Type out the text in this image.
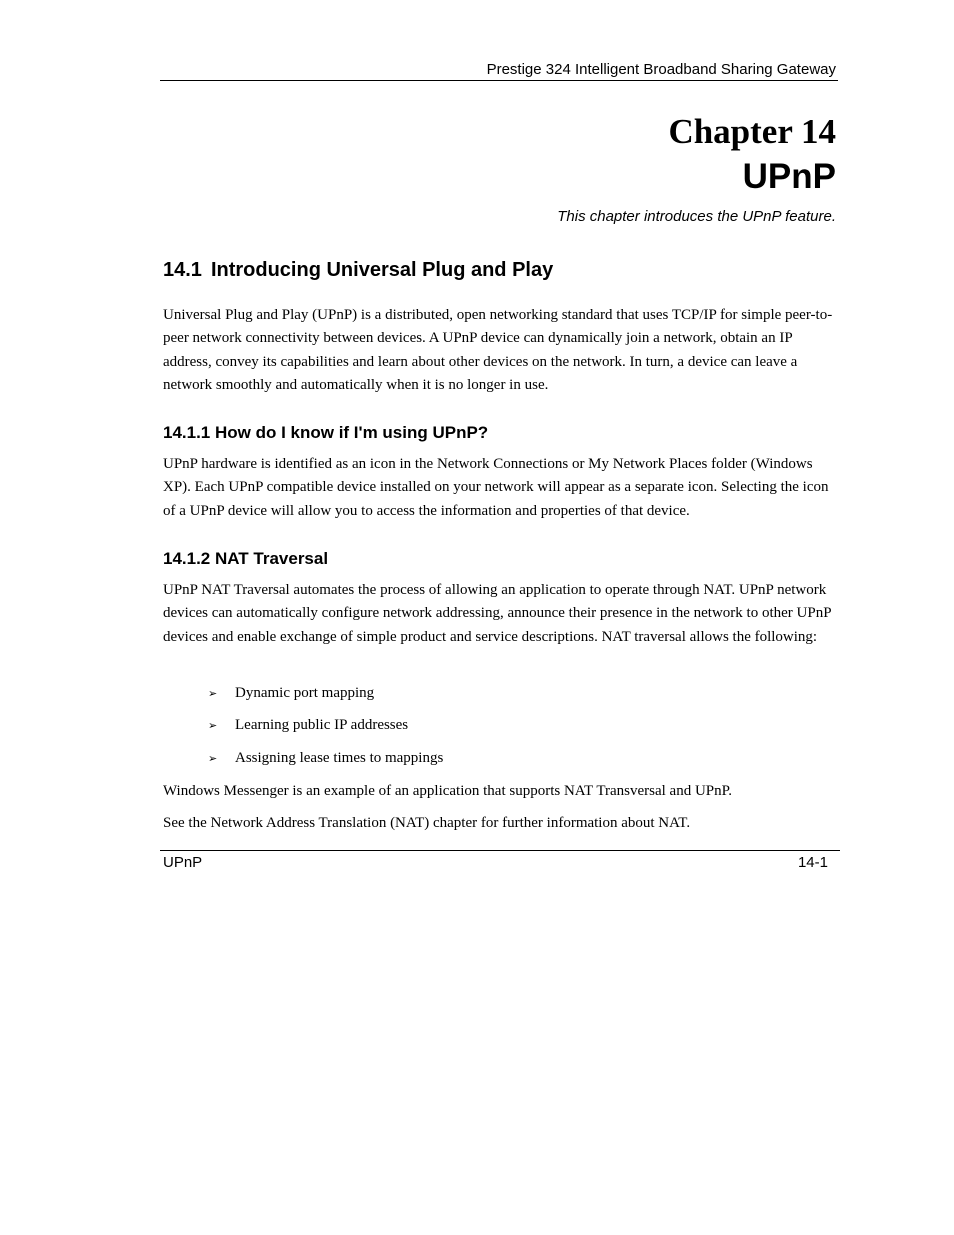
Prestige 324 Intelligent Broadband Sharing Gateway
Chapter 14
UPnP
This chapter introduces the UPnP feature.
14.1 Introducing Universal Plug and Play

Universal Plug and Play (UPnP) is a distributed, open networking standard that uses TCP/IP for simple peer-to-peer network connectivity between devices. A UPnP device can dynamically join a network, obtain an IP address, convey its capabilities and learn about other devices on the network. In turn, a device can leave a network smoothly and automatically when it is no longer in use.

14.1.1 How do I know if I'm using UPnP?

UPnP hardware is identified as an icon in the Network Connections or My Network Places folder (Windows XP). Each UPnP compatible device installed on your network will appear as a separate icon. Selecting the icon of a UPnP device will allow you to access the information and properties of that device.

14.1.2 NAT Traversal

UPnP NAT Traversal automates the process of allowing an application to operate through NAT. UPnP network devices can automatically configure network addressing, announce their presence in the network to other UPnP devices and enable exchange of simple product and service descriptions. NAT traversal allows the following:

➢ Dynamic port mapping
➢ Learning public IP addresses
➢ Assigning lease times to mappings

Windows Messenger is an example of an application that supports NAT Transversal and UPnP.

See the Network Address Translation (NAT) chapter for further information about NAT.

UPnP	14-1
